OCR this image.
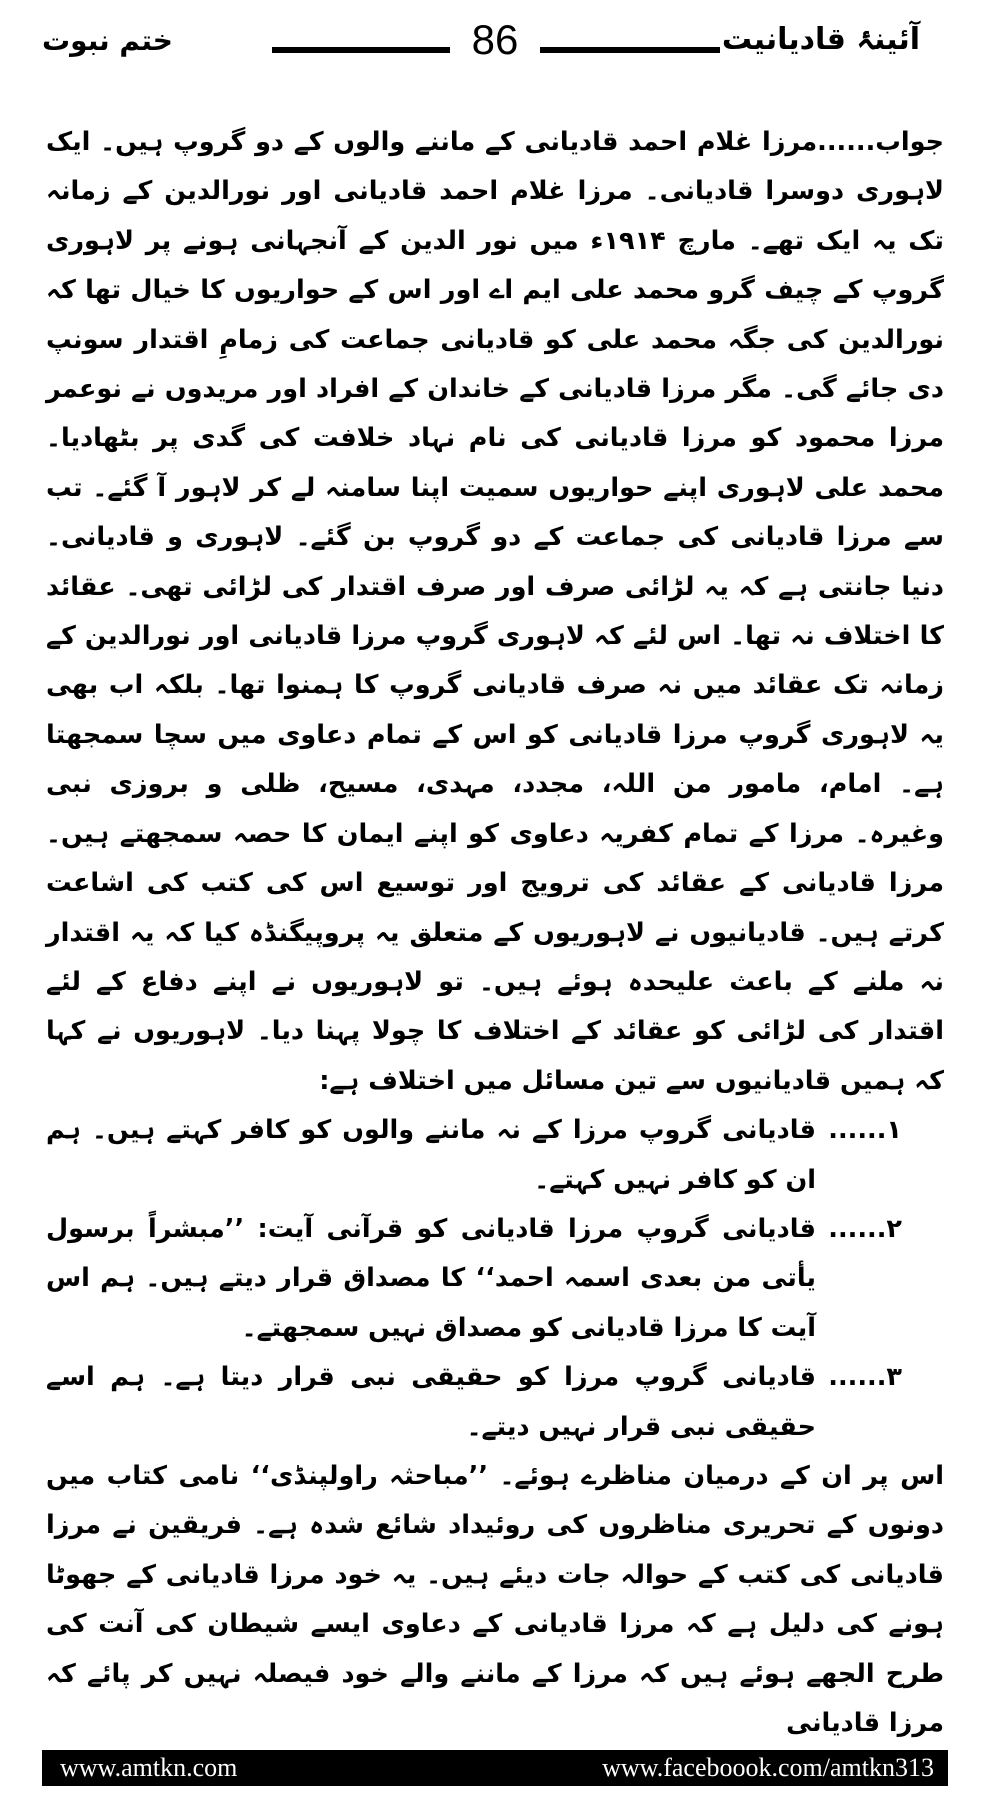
آئینۂ قادیانیت
86
ختم نبوت

جواب......مرزا غلام احمد قادیانی کے ماننے والوں کے دو گروپ ہیں۔ ایک لاہوری دوسرا قادیانی۔ مرزا غلام احمد قادیانی اور نورالدین کے زمانہ تک یہ ایک تھے۔ مارچ ۱۹۱۴ء میں نور الدین کے آنجہانی ہونے پر لاہوری گروپ کے چیف گرو محمد علی ایم اے اور اس کے حواریوں کا خیال تھا کہ نورالدین کی جگہ محمد علی کو قادیانی جماعت کی زمامِ اقتدار سونپ دی جائے گی۔ مگر مرزا قادیانی کے خاندان کے افراد اور مریدوں نے نوعمر مرزا محمود کو مرزا قادیانی کی نام نہاد خلافت کی گدی پر بٹھادیا۔ محمد علی لاہوری اپنے حواریوں سمیت اپنا سامنہ لے کر لاہور آ گئے۔ تب سے مرزا قادیانی کی جماعت کے دو گروپ بن گئے۔ لاہوری و قادیانی۔ دنیا جانتی ہے کہ یہ لڑائی صرف اور صرف اقتدار کی لڑائی تھی۔ عقائد کا اختلاف نہ تھا۔ اس لئے کہ لاہوری گروپ مرزا قادیانی اور نورالدین کے زمانہ تک عقائد میں نہ صرف قادیانی گروپ کا ہمنوا تھا۔ بلکہ اب بھی یہ لاہوری گروپ مرزا قادیانی کو اس کے تمام دعاوی میں سچا سمجھتا ہے۔ امام، مامور من اللہ، مجدد، مہدی، مسیح، ظلی و بروزی نبی وغیرہ۔ مرزا کے تمام کفریہ دعاوی کو اپنے ایمان کا حصہ سمجھتے ہیں۔ مرزا قادیانی کے عقائد کی ترویج اور توسیع اس کی کتب کی اشاعت کرتے ہیں۔ قادیانیوں نے لاہوریوں کے متعلق یہ پروپیگنڈہ کیا کہ یہ اقتدار نہ ملنے کے باعث علیحدہ ہوئے ہیں۔ تو لاہوریوں نے اپنے دفاع کے لئے اقتدار کی لڑائی کو عقائد کے اختلاف کا چولا پہنا دیا۔ لاہوریوں نے کہا کہ ہمیں قادیانیوں سے تین مسائل میں اختلاف ہے:

۱......
قادیانی گروپ مرزا کے نہ ماننے والوں کو کافر کہتے ہیں۔ ہم ان کو کافر نہیں کہتے۔
۲......
قادیانی گروپ مرزا قادیانی کو قرآنی آیت: ’’مبشراً برسول یأتی من بعدی اسمہ احمد‘‘ کا مصداق قرار دیتے ہیں۔ ہم اس آیت کا مرزا قادیانی کو مصداق نہیں سمجھتے۔
۳......
قادیانی گروپ مرزا کو حقیقی نبی قرار دیتا ہے۔ ہم اسے حقیقی نبی قرار نہیں دیتے۔

اس پر ان کے درمیان مناظرے ہوئے۔ ’’مباحثہ راولپنڈی‘‘ نامی کتاب میں دونوں کے تحریری مناظروں کی روئیداد شائع شدہ ہے۔ فریقین نے مرزا قادیانی کی کتب کے حوالہ جات دیئے ہیں۔ یہ خود مرزا قادیانی کے جھوٹا ہونے کی دلیل ہے کہ مرزا قادیانی کے دعاوی ایسے شیطان کی آنت کی طرح الجھے ہوئے ہیں کہ مرزا کے ماننے والے خود فیصلہ نہیں کر پائے کہ مرزا قادیانی

www.amtkn.com	www.faceboook.com/amtkn313
